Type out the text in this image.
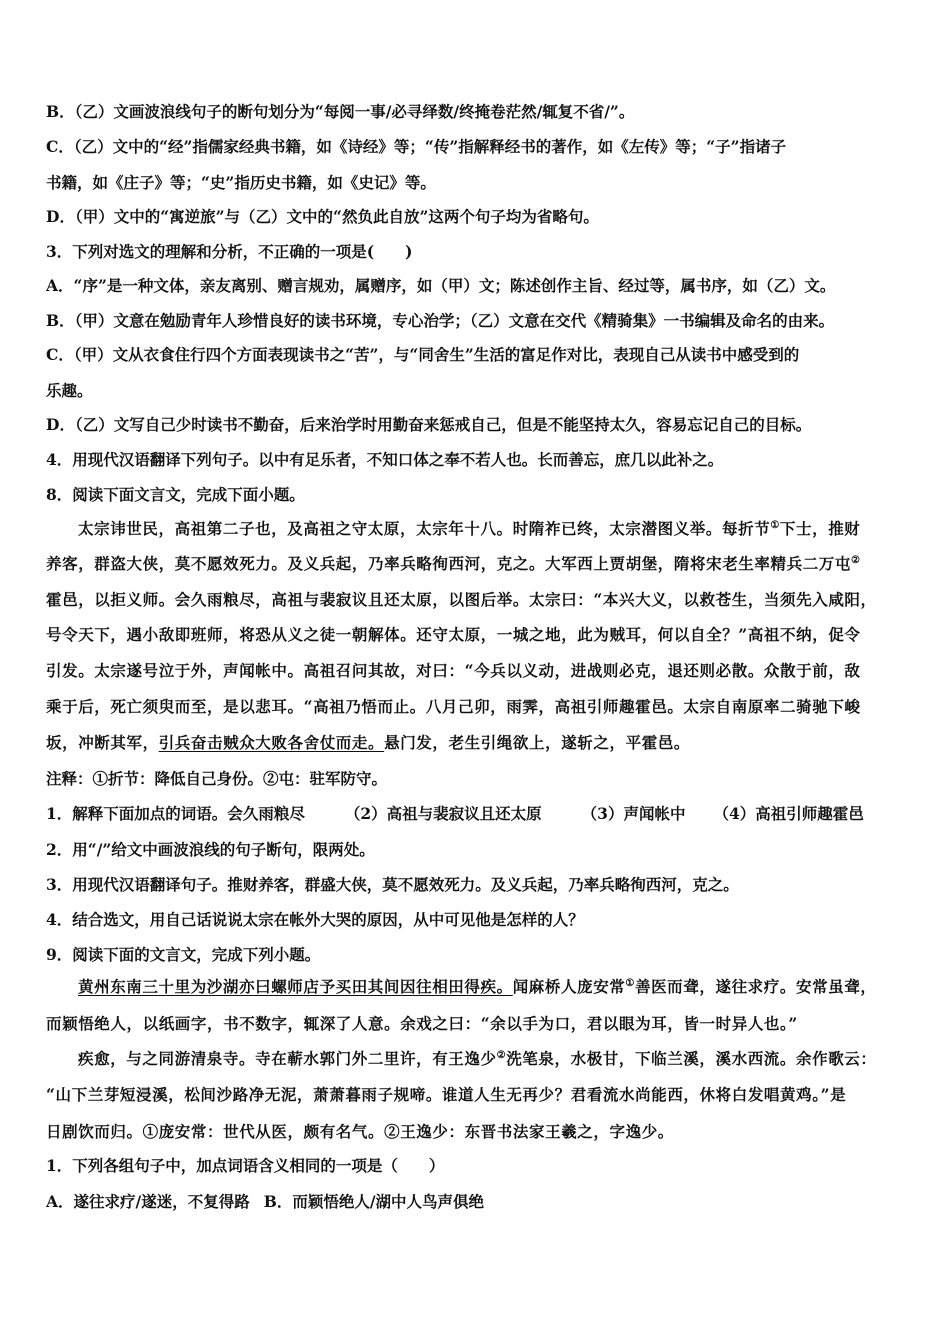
B．（乙）文画波浪线句子的断句划分为“每阅一事/必寻绎数/终掩卷茫然/辄复不省/”。
C．（乙）文中的“经”指儒家经典书籍，如《诗经》等；“传”指解释经书的著作，如《左传》等；“子”指诸子
书籍，如《庄子》等；“史”指历史书籍，如《史记》等。
D．（甲）文中的“寓逆旅”与（乙）文中的“然负此自放”这两个句子均为省略句。
3．下列对选文的理解和分析，不正确的一项是(　　)
A．“序”是一种文体，亲友离别、赠言规劝，属赠序，如（甲）文；陈述创作主旨、经过等，属书序，如（乙）文。
B．（甲）文意在勉励青年人珍惜良好的读书环境，专心治学；（乙）文意在交代《精骑集》一书编辑及命名的由来。
C．（甲）文从衣食住行四个方面表现读书之“苦”，与“同舍生”生活的富足作对比，表现自己从读书中感受到的
乐趣。
D．（乙）文写自己少时读书不勤奋，后来治学时用勤奋来惩戒自己，但是不能坚持太久，容易忘记自己的目标。
4．用现代汉语翻译下列句子。以中有足乐者，不知口体之奉不若人也。长而善忘，庶几以此补之。
8．阅读下面文言文，完成下面小题。
太宗讳世民，高祖第二子也，及高祖之守太原，太宗年十八。时隋祚已终，太宗潜图义举。每折节①下士，推财
养客，群盗大侠，莫不愿效死力。及义兵起，乃率兵略徇西河，克之。大军西上贾胡堡，隋将宋老生率精兵二万屯②
霍邑，以拒义师。会久雨粮尽，高祖与裴寂议且还太原，以图后举。太宗曰：“本兴大义，以救苍生，当须先入咸阳，
号令天下，遇小敌即班师，将恐从义之徒一朝解体。还守太原，一城之地，此为贼耳，何以自全？”高祖不纳，促令
引发。太宗遂号泣于外，声闻帐中。高祖召问其故，对曰：“今兵以义动，进战则必克，退还则必散。众散于前，敌
乘于后，死亡须臾而至，是以悲耳。“高祖乃悟而止。八月己卯，雨霁，高祖引师趣霍邑。太宗自南原率二骑驰下峻
坂，冲断其军，引兵奋击贼众大败各舍仗而走。悬门发，老生引绳欲上，遂斩之，平霍邑。
注释：①折节：降低自己身份。②屯：驻军防守。
1．解释下面加点的词语。会久雨粮尽	（2）高祖与裴寂议且还太原	（3）声闻帐中 （4）高祖引师趣霍邑
2．用“/”给文中画波浪线的句子断句，限两处。
3．用现代汉语翻译句子。推财养客，群盛大侠，莫不愿效死力。及义兵起，乃率兵略徇西河，克之。
4．结合选文，用自己话说说太宗在帐外大哭的原因，从中可见他是怎样的人？
9．阅读下面的文言文，完成下列小题。
黄州东南三十里为沙湖亦曰螺师店予买田其间因往相田得疾。闻麻桥人庞安常①善医而聋，遂往求疗。安常虽聋，
而颖悟绝人，以纸画字，书不数字，辄深了人意。余戏之曰：“余以手为口，君以眼为耳，皆一时异人也。”
疾愈，与之同游清泉寺。寺在蕲水郭门外二里许，有王逸少②洗笔泉，水极甘，下临兰溪，溪水西流。余作歌云：
“山下兰芽短浸溪，松间沙路净无泥，萧萧暮雨子规啼。谁道人生无再少？君看流水尚能西，休将白发唱黄鸡。”是
日剧饮而归。①庞安常：世代从医，颇有名气。②王逸少：东晋书法家王羲之，字逸少。
1．下列各组句子中，加点词语含义相同的一项是（　　）
A．遂往求疗/遂迷，不复得路 B．而颖悟绝人/湖中人鸟声俱绝
